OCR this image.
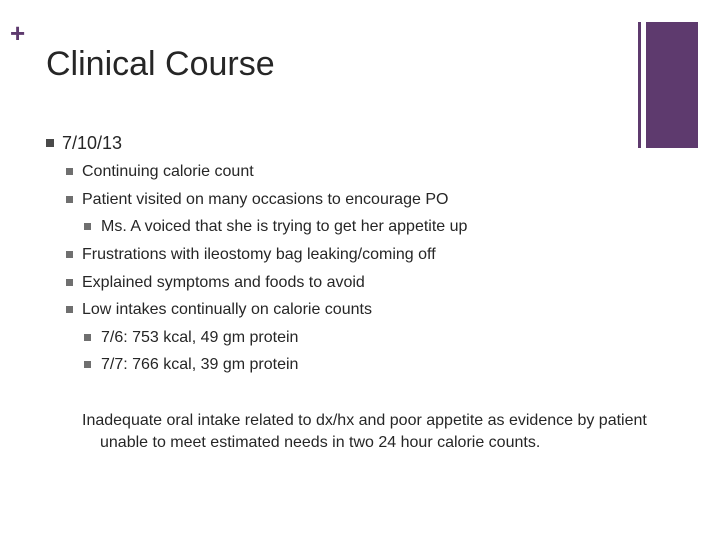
+
Clinical Course
7/10/13
Continuing calorie count
Patient visited on many occasions to encourage PO
Ms. A voiced that she is trying to get her appetite up
Frustrations with ileostomy bag leaking/coming off
Explained symptoms and foods to avoid
Low intakes continually on calorie counts
7/6: 753 kcal, 49 gm protein
7/7: 766 kcal, 39 gm protein
Inadequate oral intake related to dx/hx and poor appetite as evidence by patient unable to meet estimated needs in two 24 hour calorie counts.
